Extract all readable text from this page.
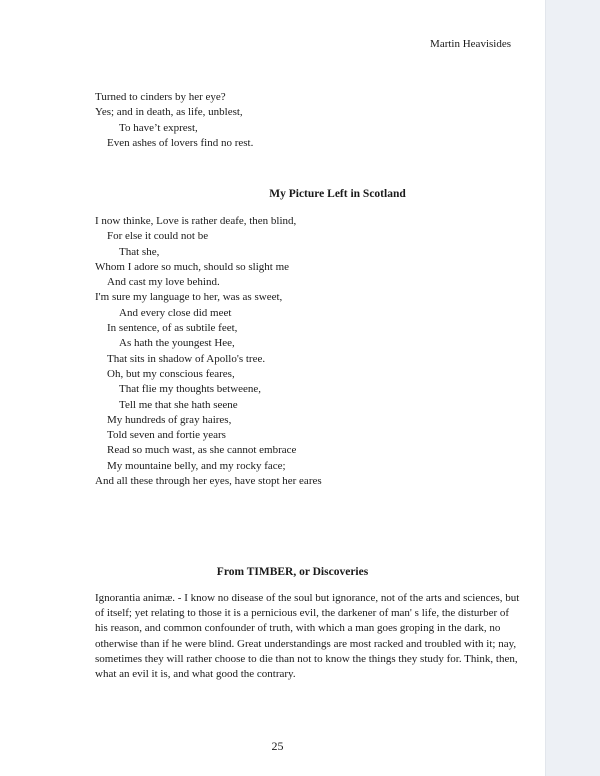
Martin Heavisides
Turned to cinders by her eye?
Yes; and in death, as life, unblest,
To have’t exprest,
Even ashes of lovers find no rest.
My Picture Left in Scotland
I now thinke, Love is rather deafe, then blind,
For else it could not be
That she,
Whom I adore so much, should so slight me
And cast my love behind.
I'm sure my language to her, was as sweet,
And every close did meet
In sentence, of as subtile feet,
As hath the youngest Hee,
That sits in shadow of Apollo's tree.
Oh, but my conscious feares,
That flie my thoughts betweene,
Tell me that she hath seene
My hundreds of gray haires,
Told seven and fortie years
Read so much wast, as she cannot embrace
My mountaine belly, and my rocky face;
And all these through her eyes, have stopt her eares
From TIMBER, or Discoveries

Ignorantia animæ. - I know no disease of the soul but ignorance, not of the arts and sciences, but of itself; yet relating to those it is a pernicious evil, the darkener of man' s life, the disturber of his reason, and common confounder of truth, with which a man goes groping in the dark, no otherwise than if he were blind. Great understandings are most racked and troubled with it; nay, sometimes they will rather choose to die than not to know the things they study for. Think, then, what an evil it is, and what good the contrary.

25
